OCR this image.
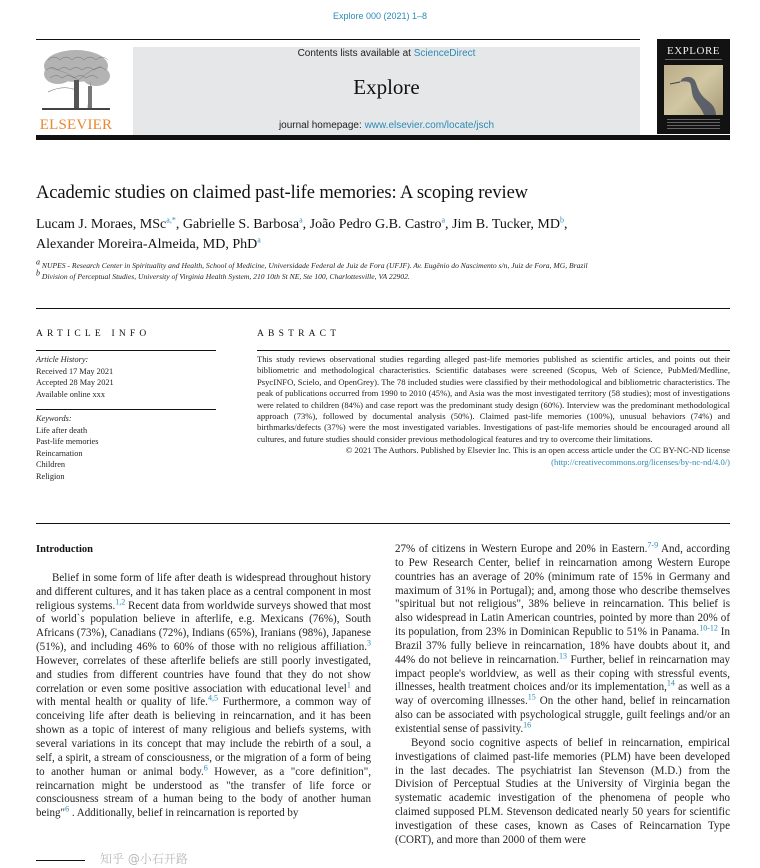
Explore 000 (2021) 1–8
ELSEVIER
Contents lists available at ScienceDirect
Explore
journal homepage: www.elsevier.com/locate/jsch
EXPLORE
Academic studies on claimed past-life memories: A scoping review
Lucam J. Moraes, MSc$^{a,*}$, Gabrielle S. Barbosa$^a$, João Pedro G.B. Castro$^a$, Jim B. Tucker, $MD^b$,
Alexander Moreira-Almeida, MD, PhD$^a$
$^a$ NUPES - Research Center in Spirituality and Health, School of Medicine, Universidade Federal de Juiz de Fora (UFJF). Av. Eugênio do Nascimento s/n, Juiz de Fora, MG, Brazil
$^b$ Division of Perceptual Studies, University of Virginia Health System, 210 10th St NE, Ste 100, Charlottesville, VA 22902.
ARTICLE INFO
Article History:
Received 17 May 2021
Accepted 28 May 2021
Available online xxx
Keywords:
Life after death
Past-life memories
Reincarnation
Children
Religion
ABSTRACT
This study reviews observational studies regarding alleged past-life memories published as scientific articles, and points out their bibliometric and methodological characteristics. Scientific databases were screened (Scopus, Web of Science, PubMed/Medline, PsycINFO, Scielo, and OpenGrey). The 78 included studies were classified by their methodological and bibliometric characteristics. The peak of publications occurred from 1990 to 2010 (45%), and Asia was the most investigated territory (58 studies); most of investigations were related to children (84%) and case report was the predominant study design (60%). Interview was the predominant methodological approach (73%), followed by documental analysis (50%). Claimed past-life memories (100%), unusual behaviors (74%) and birthmarks/defects (37%) were the most investigated variables. Investigations of past-life memories should be encouraged around all cultures, and future studies should consider previous methodological features and try to overcome their limitations.
© 2021 The Authors. Published by Elsevier Inc. This is an open access article under the CC BY-NC-ND license
(http://creativecommons.org/licenses/by-nc-nd/4.0/)
Introduction

Belief in some form of life after death is widespread throughout history and different cultures, and it has taken place as a central component in most religious systems.$^{1,2}$ Recent data from worldwide surveys showed that most of world`s population believe in afterlife, e.g. Mexicans (76%), South Africans (73%), Canadians (72%), Indians (65%), Iranians (98%), Japanese (51%), and including 46% to 60% of those with no religious affiliation.$^3$ However, correlates of these afterlife beliefs are still poorly investigated, and studies from different countries have found that they do not show correlation or even some positive association with educational level$^1$ and with mental health or quality of life.$^{4,5}$ Furthermore, a common way of conceiving life after death is believing in reincarnation, and it has been shown as a topic of interest of many religious and beliefs systems, with several variations in its concept that may include the rebirth of a soul, a self, a spirit, a stream of consciousness, or the migration of a form of being to another human or animal body.$^6$ However, as a "core definition", reincarnation might be understood as "the transfer of life force or consciousness stream of a human being to the body of another human being"$^6$ . Additionally, belief in reincarnation is reported by

27% of citizens in Western Europe and 20% in Eastern.$^{7-9}$ And, according to Pew Research Center, belief in reincarnation among Western Europe countries has an average of 20% (minimum rate of 15% in Germany and maximum of 31% in Portugal); and, among those who describe themselves "spiritual but not religious", 38% believe in reincarnation. This belief is also widespread in Latin American countries, pointed by more than 20% of its population, from 23% in Dominican Republic to 51% in Panama.$^{10-12}$ In Brazil 37% fully believe in reincarnation, 18% have doubts about it, and 44% do not believe in reincarnation.$^{13}$ Further, belief in reincarnation may impact people's worldview, as well as their coping with stressful events, illnesses, health treatment choices and/or its implementation,$^{14}$ as well as a way of overcoming illnesses.$^{15}$ On the other hand, belief in reincarnation also can be associated with psychological struggle, guilt feelings and/or an existential sense of passivity.$^{16}$

Beyond socio cognitive aspects of belief in reincarnation, empirical investigations of claimed past-life memories (PLM) have been developed in the last decades. The psychiatrist Ian Stevenson (M.D.) from the Division of Perceptual Studies at the University of Virginia began the systematic academic investigation of the phenomena of people who claimed supposed PLM. Stevenson dedicated nearly 50 years for scientific investigation of these cases, known as Cases of Reincarnation Type (CORT), and more than 2000 of them were

知乎 @小石开路
